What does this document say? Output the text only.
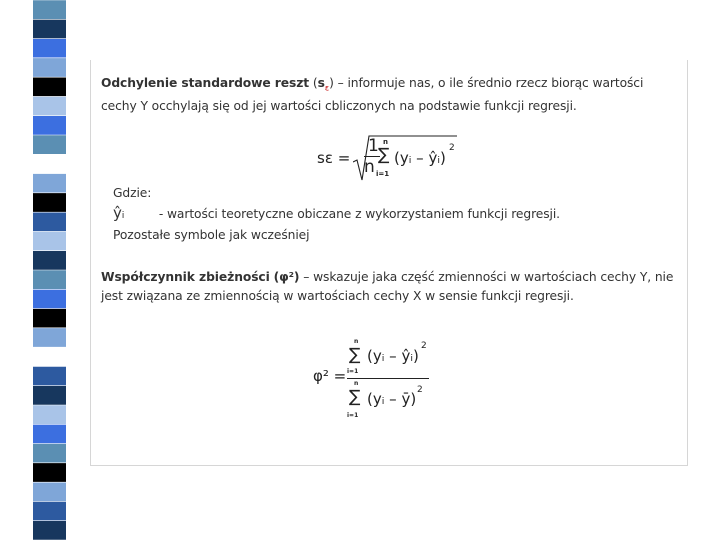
Odchylenie standardowe reszt $(s_\varepsilon)$ – informuje nas, o ile średnio rzecz biorąc wartości cechy Y occhylają się od jej wartości cbliczonych na podstawie funkcji regresji.
sε =
1
n
n
∑
i=1
(yᵢ – ŷᵢ)
2
Gdzie:
ŷᵢ	- wartości teoretyczne obiczane z wykorzystaniem funkcji regresji.
Pozostałe symbole jak wcześniej
Współczynnik zbieżności (φ²) – wskazuje jaka część zmienności w wartościach cechy Y, nie jest związana ze zmiennością w wartościach cechy X w sensie funkcji regresji.
φ² =
n
∑
i=1
(yᵢ – ŷᵢ)
2
n
∑
i=1
(yᵢ – ȳ) 2
